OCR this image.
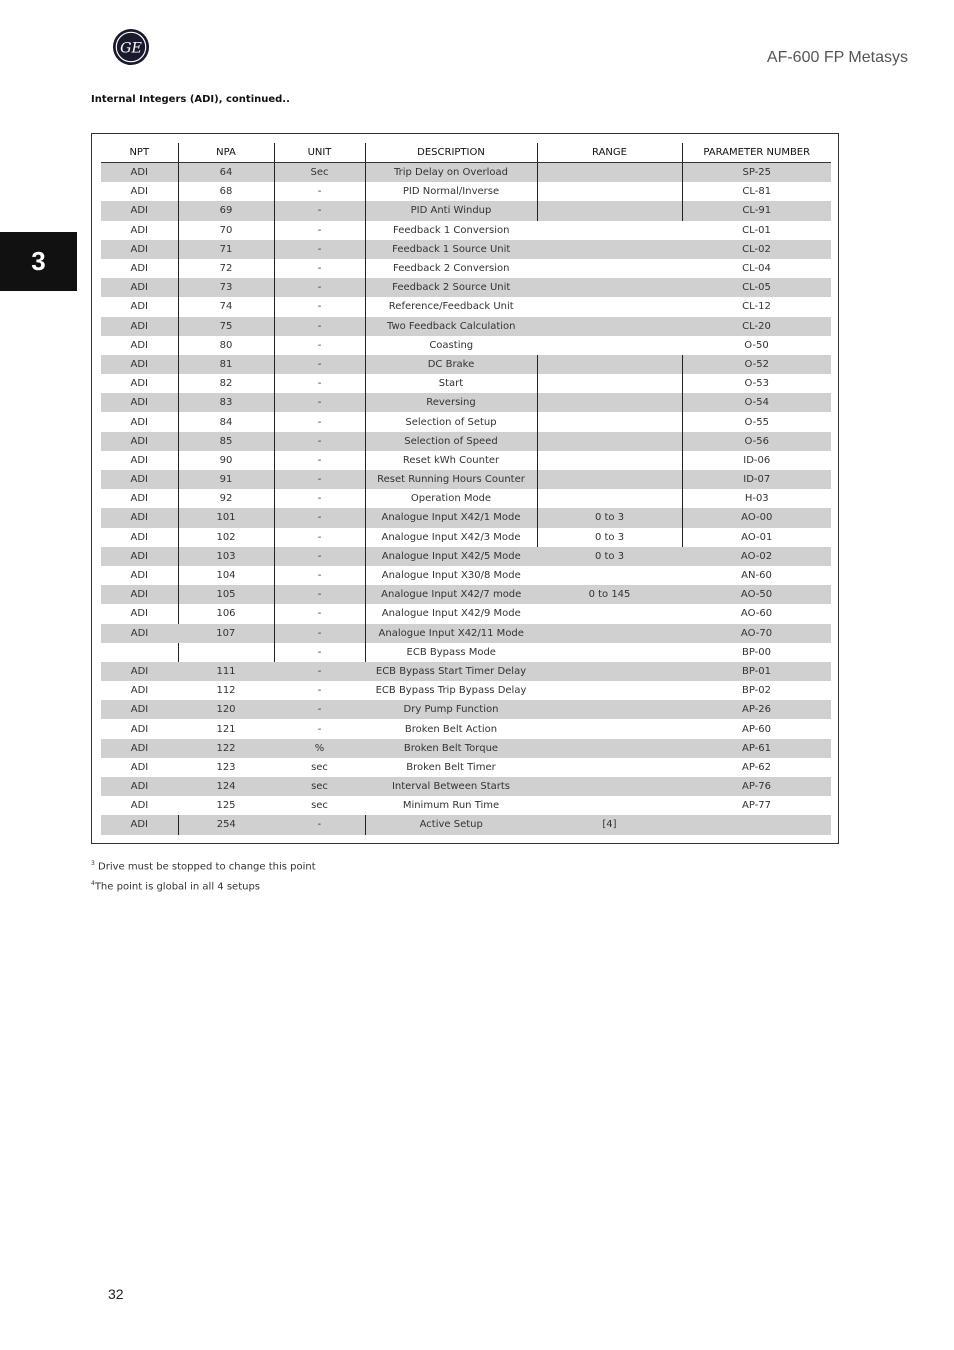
GE
AF-600 FP Metasys
Internal Integers (ADI), continued..
3
NPT	NPA	UNIT	DESCRIPTION	RANGE	PARAMETER NUMBER
ADI	64	Sec	Trip Delay on Overload		SP-25
ADI	68	-	PID Normal/Inverse		CL-81
ADI	69	-	PID Anti Windup		CL-91
ADI	70	-	Feedback 1 Conversion		CL-01
ADI	71	-	Feedback 1 Source Unit		CL-02
ADI	72	-	Feedback 2 Conversion		CL-04
ADI	73	-	Feedback 2 Source Unit		CL-05
ADI	74	-	Reference/Feedback Unit		CL-12
ADI	75	-	Two Feedback Calculation		CL-20
ADI	80	-	Coasting		O-50
ADI	81	-	DC Brake		O-52
ADI	82	-	Start		O-53
ADI	83	-	Reversing		O-54
ADI	84	-	Selection of Setup		O-55
ADI	85	-	Selection of Speed		O-56
ADI	90	-	Reset kWh Counter		ID-06
ADI	91	-	Reset Running Hours Counter		ID-07
ADI	92	-	Operation Mode		H-03
ADI	101	-	Analogue Input X42/1 Mode	0 to 3	AO-00
ADI	102	-	Analogue Input X42/3 Mode	0 to 3	AO-01
ADI	103	-	Analogue Input X42/5 Mode	0 to 3	AO-02
ADI	104	-	Analogue Input X30/8 Mode		AN-60
ADI	105	-	Analogue Input X42/7 mode	0 to 145	AO-50
ADI	106	-	Analogue Input X42/9 Mode		AO-60
ADI	107	-	Analogue Input X42/11 Mode		AO-70
		-	ECB Bypass Mode		BP-00
ADI	111	-	ECB Bypass Start Timer Delay		BP-01
ADI	112	-	ECB Bypass Trip Bypass Delay		BP-02
ADI	120	-	Dry Pump Function		AP-26
ADI	121	-	Broken Belt Action		AP-60
ADI	122	%	Broken Belt Torque		AP-61
ADI	123	sec	Broken Belt Timer		AP-62
ADI	124	sec	Interval Between Starts		AP-76
ADI	125	sec	Minimum Run Time		AP-77
ADI	254	-	Active Setup	[4]	
$^3$ Drive must be stopped to change this point
$^4$The point is global in all 4 setups
32
